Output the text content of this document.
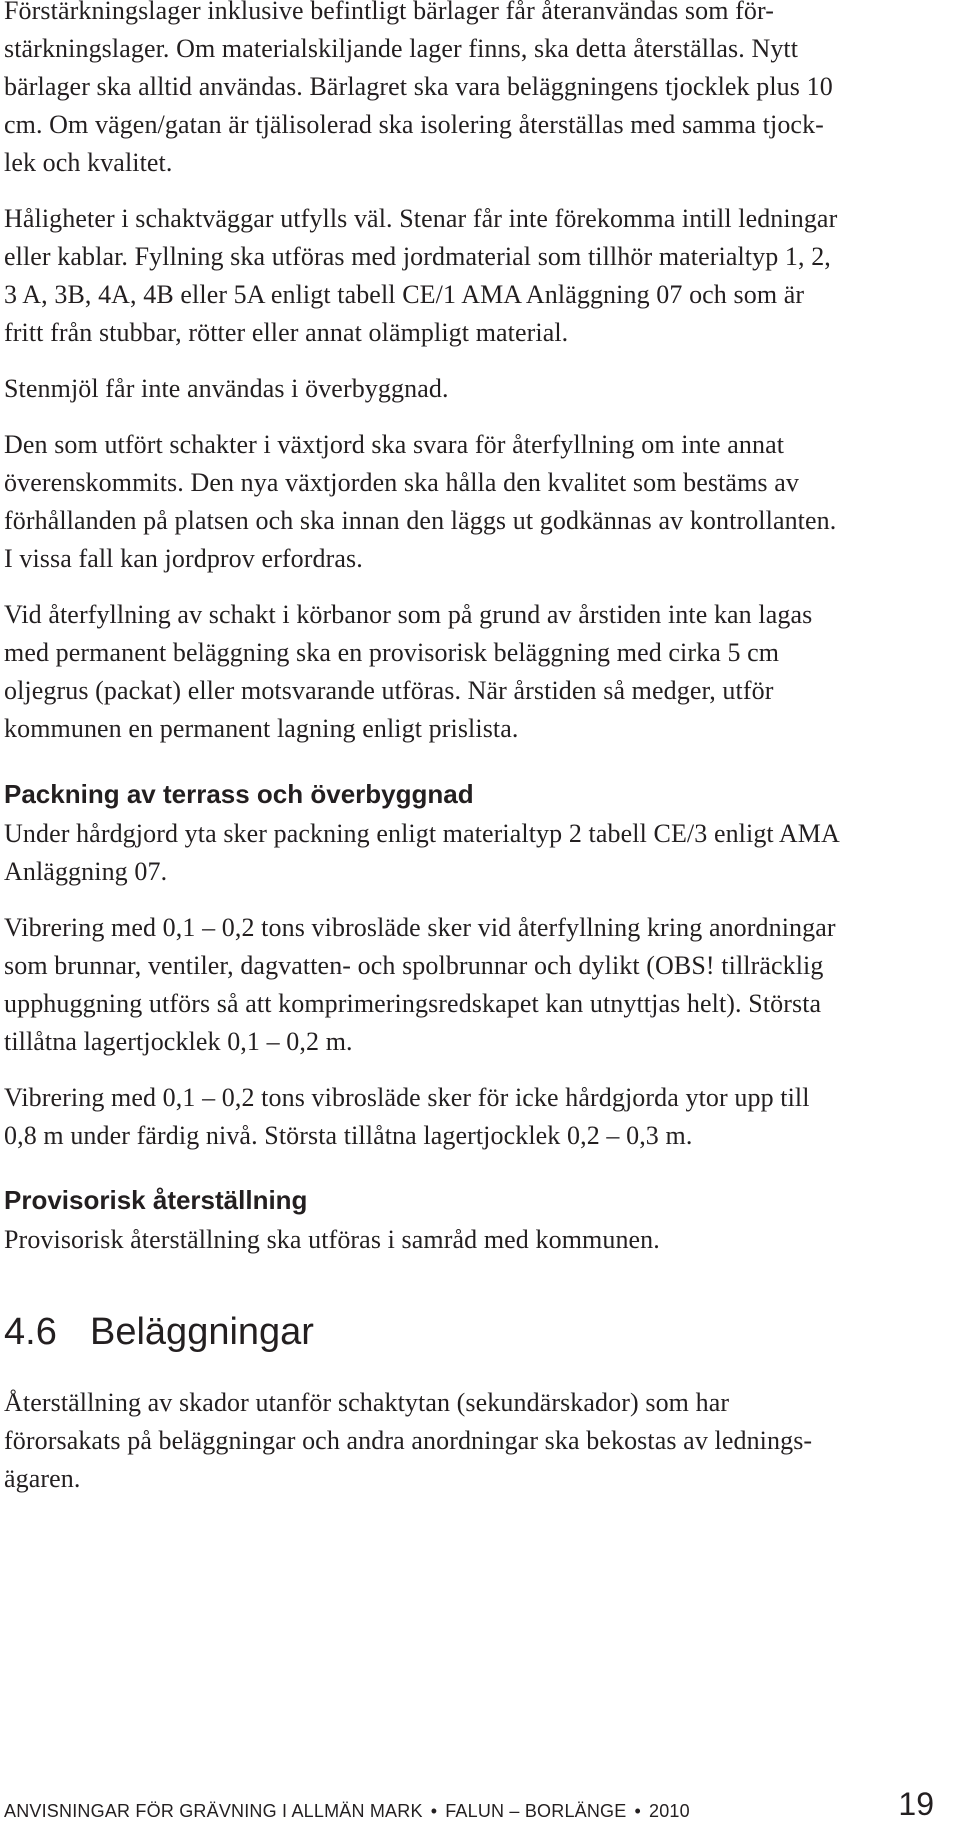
Förstärkningslager inklusive befintligt bärlager får återanvändas som för-
stärkningslager. Om materialskiljande lager finns, ska detta återställas. Nytt
bärlager ska alltid användas. Bärlagret ska vara beläggningens tjocklek plus 10
cm. Om vägen/gatan är tjälisolerad ska isolering återställas med samma tjock-
lek och kvalitet.
Håligheter i schaktväggar utfylls väl. Stenar får inte förekomma intill ledningar
eller kablar. Fyllning ska utföras med jordmaterial som tillhör materialtyp 1, 2,
3 A, 3B, 4A, 4B eller 5A enligt tabell CE/1 AMA Anläggning 07 och som är
fritt från stubbar, rötter eller annat olämpligt material.
Stenmjöl får inte användas i överbyggnad.
Den som utfört schakter i växtjord ska svara för återfyllning om inte annat
överenskommits. Den nya växtjorden ska hålla den kvalitet som bestäms av
förhållanden på platsen och ska innan den läggs ut godkännas av kontrollanten.
I vissa fall kan jordprov erfordras.
Vid återfyllning av schakt i körbanor som på grund av årstiden inte kan lagas
med permanent beläggning ska en provisorisk beläggning med cirka 5 cm
oljegrus (packat) eller motsvarande utföras. När årstiden så medger, utför
kommunen en permanent lagning enligt prislista.
Packning av terrass och överbyggnad
Under hårdgjord yta sker packning enligt materialtyp 2 tabell CE/3 enligt AMA
Anläggning 07.
Vibrering med 0,1 – 0,2 tons vibrosläde sker vid återfyllning kring anordningar
som brunnar, ventiler, dagvatten- och spolbrunnar och dylikt (OBS! tillräcklig
upphuggning utförs så att komprimeringsredskapet kan utnyttjas helt). Största
tillåtna lagertjocklek 0,1 – 0,2 m.
Vibrering med 0,1 – 0,2 tons vibrosläde sker för icke hårdgjorda ytor upp till
0,8 m under färdig nivå. Största tillåtna lagertjocklek 0,2 – 0,3 m.
Provisorisk återställning
Provisorisk återställning ska utföras i samråd med kommunen.
4.6 Beläggningar
Återställning av skador utanför schaktytan (sekundärskador) som har
förorsakats på beläggningar och andra anordningar ska bekostas av lednings-
ägaren.
ANVISNINGAR FÖR GRÄVNING I ALLMÄN MARK • FALUN – BORLÄNGE • 2010	19
